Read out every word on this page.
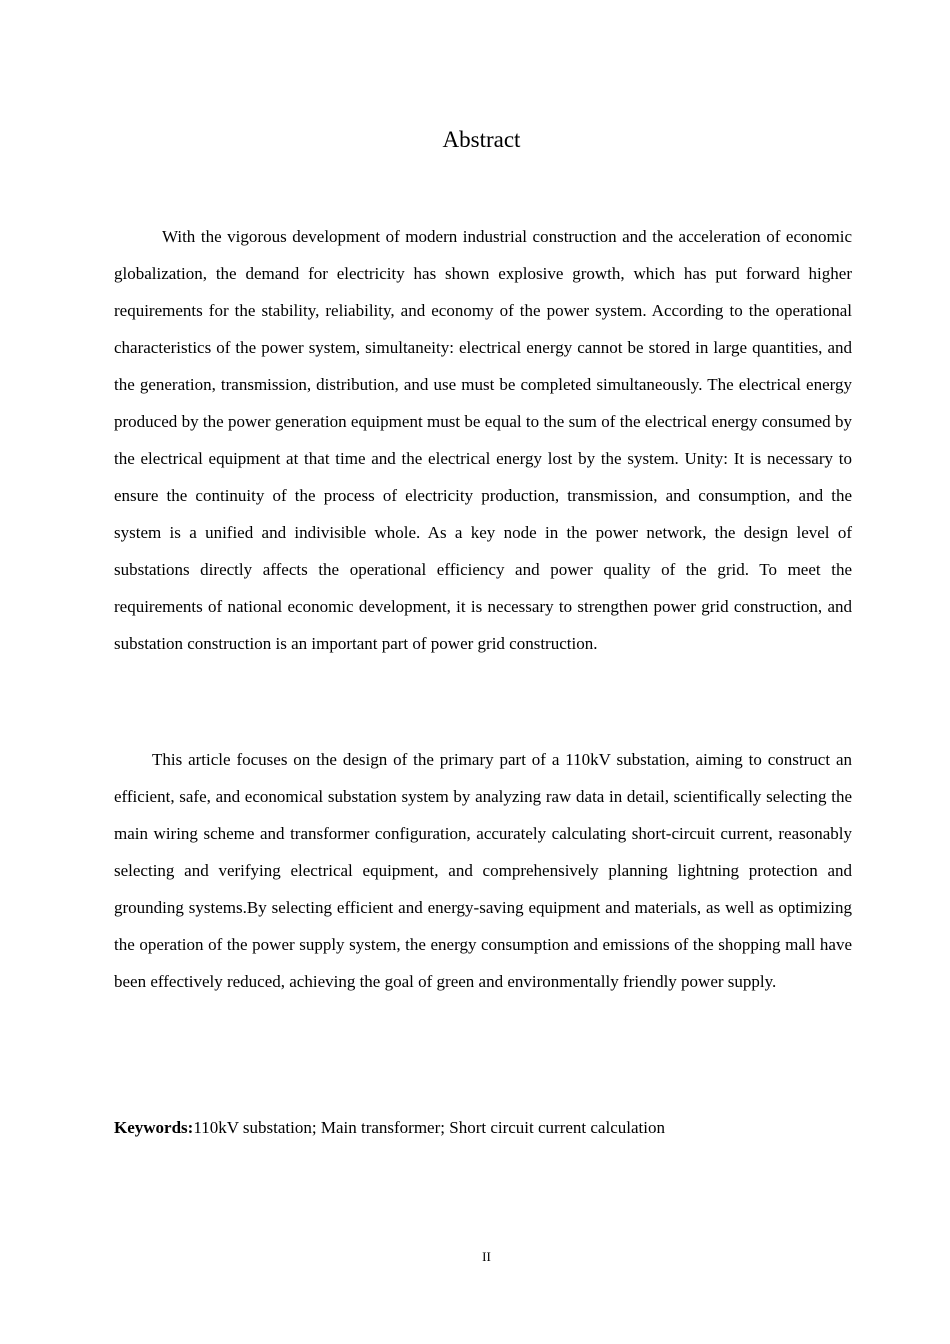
Abstract

With the vigorous development of modern industrial construction and the acceleration of economic globalization, the demand for electricity has shown explosive growth, which has put forward higher requirements for the stability, reliability, and economy of the power system. According to the operational characteristics of the power system, simultaneity: electrical energy cannot be stored in large quantities, and the generation, transmission, distribution, and use must be completed simultaneously. The electrical energy produced by the power generation equipment must be equal to the sum of the electrical energy consumed by the electrical equipment at that time and the electrical energy lost by the system. Unity: It is necessary to ensure the continuity of the process of electricity production, transmission, and consumption, and the system is a unified and indivisible whole. As a key node in the power network, the design level of substations directly affects the operational efficiency and power quality of the grid. To meet the requirements of national economic development, it is necessary to strengthen power grid construction, and substation construction is an important part of power grid construction.

This article focuses on the design of the primary part of a 110kV substation, aiming to construct an efficient, safe, and economical substation system by analyzing raw data in detail, scientifically selecting the main wiring scheme and transformer configuration, accurately calculating short-circuit current, reasonably selecting and verifying electrical equipment, and comprehensively planning lightning protection and grounding systems.By selecting efficient and energy-saving equipment and materials, as well as optimizing the operation of the power supply system, the energy consumption and emissions of the shopping mall have been effectively reduced, achieving the goal of green and environmentally friendly power supply.

Keywords:110kV substation; Main transformer; Short circuit current calculation
II
